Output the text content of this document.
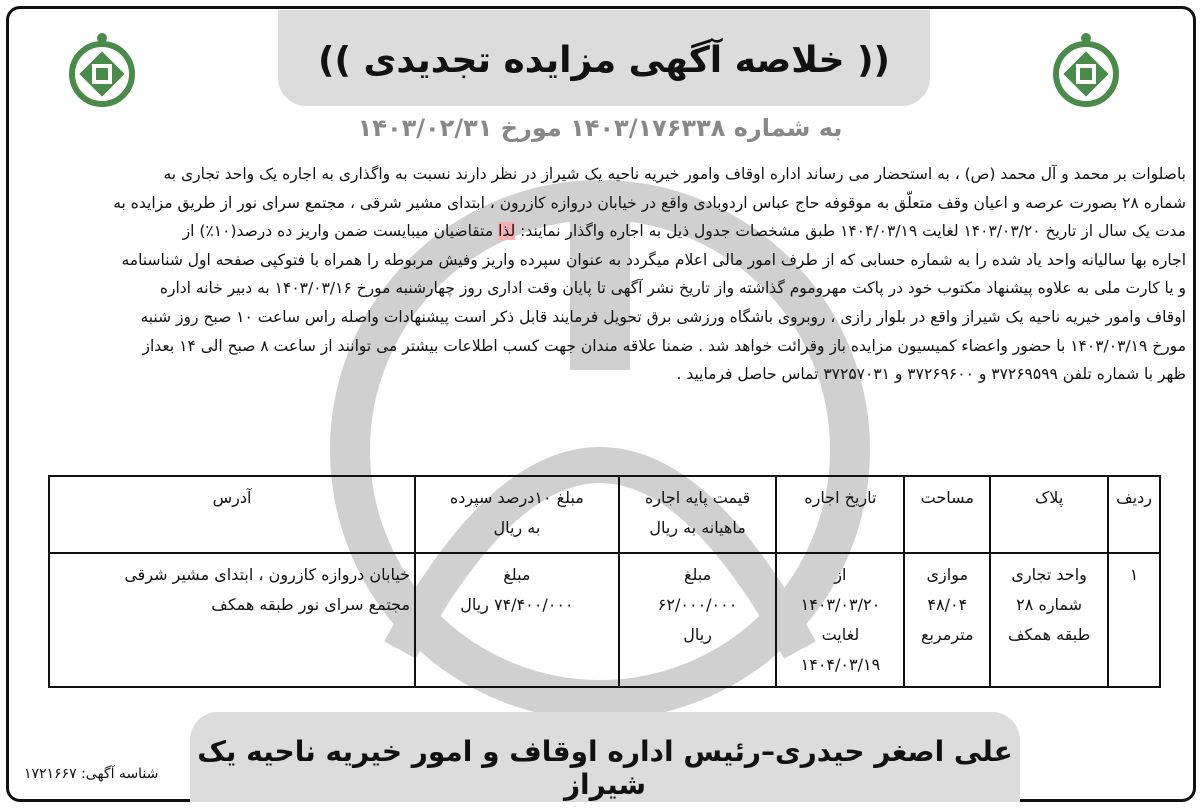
(( خلاصه آگهی مزایده تجدیدی ))
به شماره ۱۴۰۳/۱۷۶۳۳۸ مورخ ۱۴۰۳/۰۲/۳۱
باصلوات بر محمد و آل محمد (ص) ، به استحضار می رساند اداره اوقاف وامور خیریه ناحیه یک شیراز در نظر دارند نسبت به واگذاری به اجاره یک واحد تجاری به
شماره ۲۸ بصورت عرصه و اعیان وقف متعلّق به موقوفه حاج عباس اردوبادی واقع در خیابان دروازه کازرون ، ابتدای مشیر شرقی ، مجتمع سرای نور از طریق مزایده به
مدت یک سال از تاریخ ۱۴۰۳/۰۳/۲۰ لغایت ۱۴۰۴/۰۳/۱۹ طبق مشخصات جدول ذیل به اجاره واگذار نمایند: لذا متقاضیان میبایست ضمن واریز ده درصد(۱۰٪) از
اجاره بها سالیانه واحد یاد شده را به شماره حسابی که از طرف امور مالی اعلام میگردد به عنوان سپرده واریز وفیش مربوطه را همراه با فتوکپی صفحه اول شناسنامه
و یا کارت ملی به علاوه پیشنهاد مکتوب خود در پاکت مهروموم گذاشته واز تاریخ نشر آگهی تا پایان وقت اداری روز چهارشنبه مورخ ۱۴۰۳/۰۳/۱۶ به دبیر خانه اداره
اوقاف وامور خیریه ناحیه یک شیراز واقع در بلوار رازی ، روبروی باشگاه ورزشی برق تحویل فرمایند قابل ذکر است پیشنهادات واصله راس ساعت ۱۰ صبح روز شنبه
مورخ ۱۴۰۳/۰۳/۱۹ با حضور واعضاء کمیسیون مزایده باز وقرائت خواهد شد . ضمنا علاقه مندان جهت کسب اطلاعات بیشتر می توانند از ساعت ۸ صبح الی ۱۴ بعداز
ظهر با شماره تلفن ۳۷۲۶۹۵۹۹ و ۳۷۲۶۹۶۰۰ و ۳۷۲۵۷۰۳۱ تماس حاصل فرمایید .
ردیف	پلاک	مساحت	تاریخ اجاره	قیمت پایه اجاره
ماهیانه به ریال	مبلغ ۱۰درصد سپرده
به ریال	آدرس
۱	واحد تجاری
شماره ۲۸
طبقه همکف	موازی
۴۸/۰۴
مترمربع	از
۱۴۰۳/۰۳/۲۰
لغایت
۱۴۰۴/۰۳/۱۹	مبلغ
۶۲/۰۰۰/۰۰۰
ریال	مبلغ
۷۴/۴۰۰/۰۰۰ ریال	خیابان دروازه کازرون ، ابتدای مشیر شرقی
مجتمع سرای نور طبقه همکف
علی اصغر حیدری–رئیس اداره اوقاف و امور خیریه ناحیه یک شیراز
شناسه آگهی: ۱۷۲۱۶۶۷
